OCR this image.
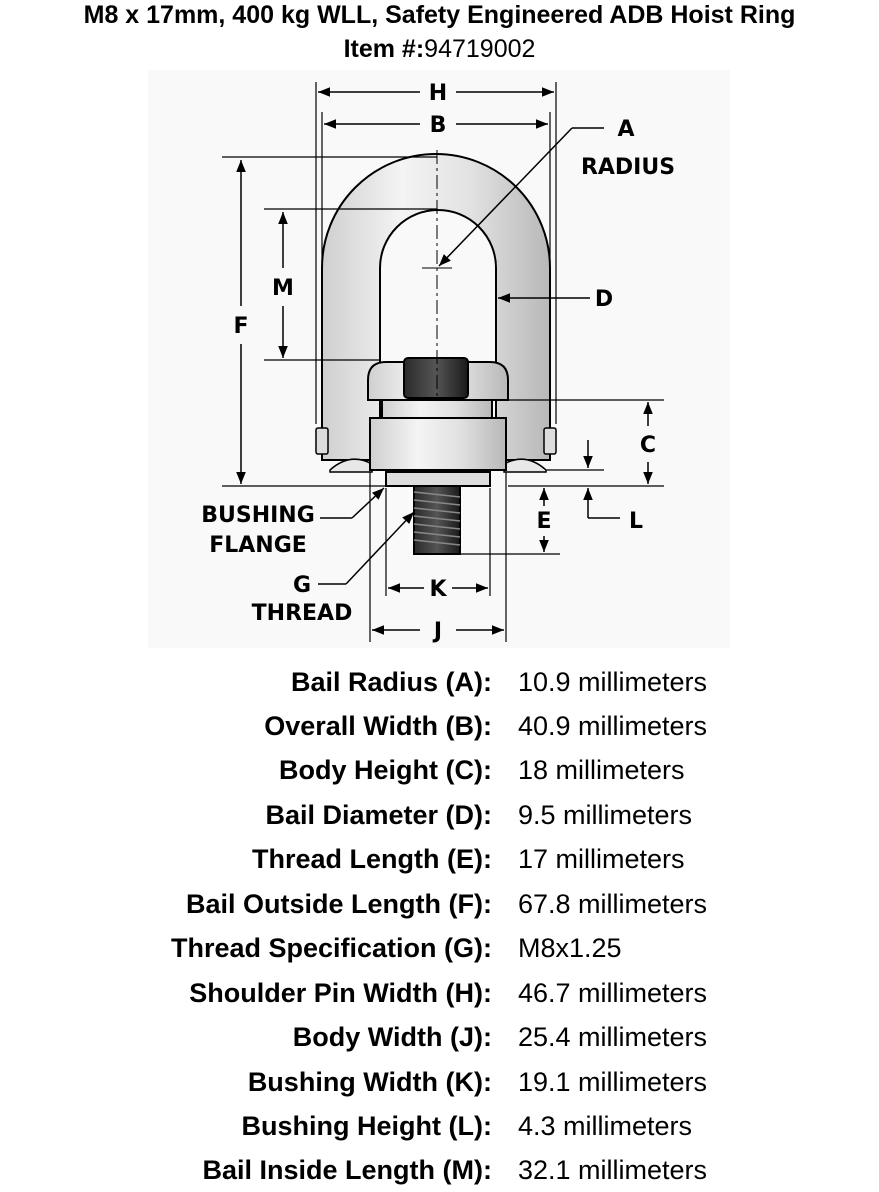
M8 x 17mm, 400 kg WLL, Safety Engineered ADB Hoist Ring
Item #:94719002
H
B	A
RADIUS
D
M
F
C
E	L
BUSHING
FLANGE
G
THREAD
K
J
Bail Radius (A): 10.9 millimeters
Overall Width (B): 40.9 millimeters
Body Height (C): 18 millimeters
Bail Diameter (D): 9.5 millimeters
Thread Length (E): 17 millimeters
Bail Outside Length (F): 67.8 millimeters
Thread Specification (G): M8x1.25
Shoulder Pin Width (H): 46.7 millimeters
Body Width (J): 25.4 millimeters
Bushing Width (K): 19.1 millimeters
Bushing Height (L): 4.3 millimeters
Bail Inside Length (M): 32.1 millimeters
